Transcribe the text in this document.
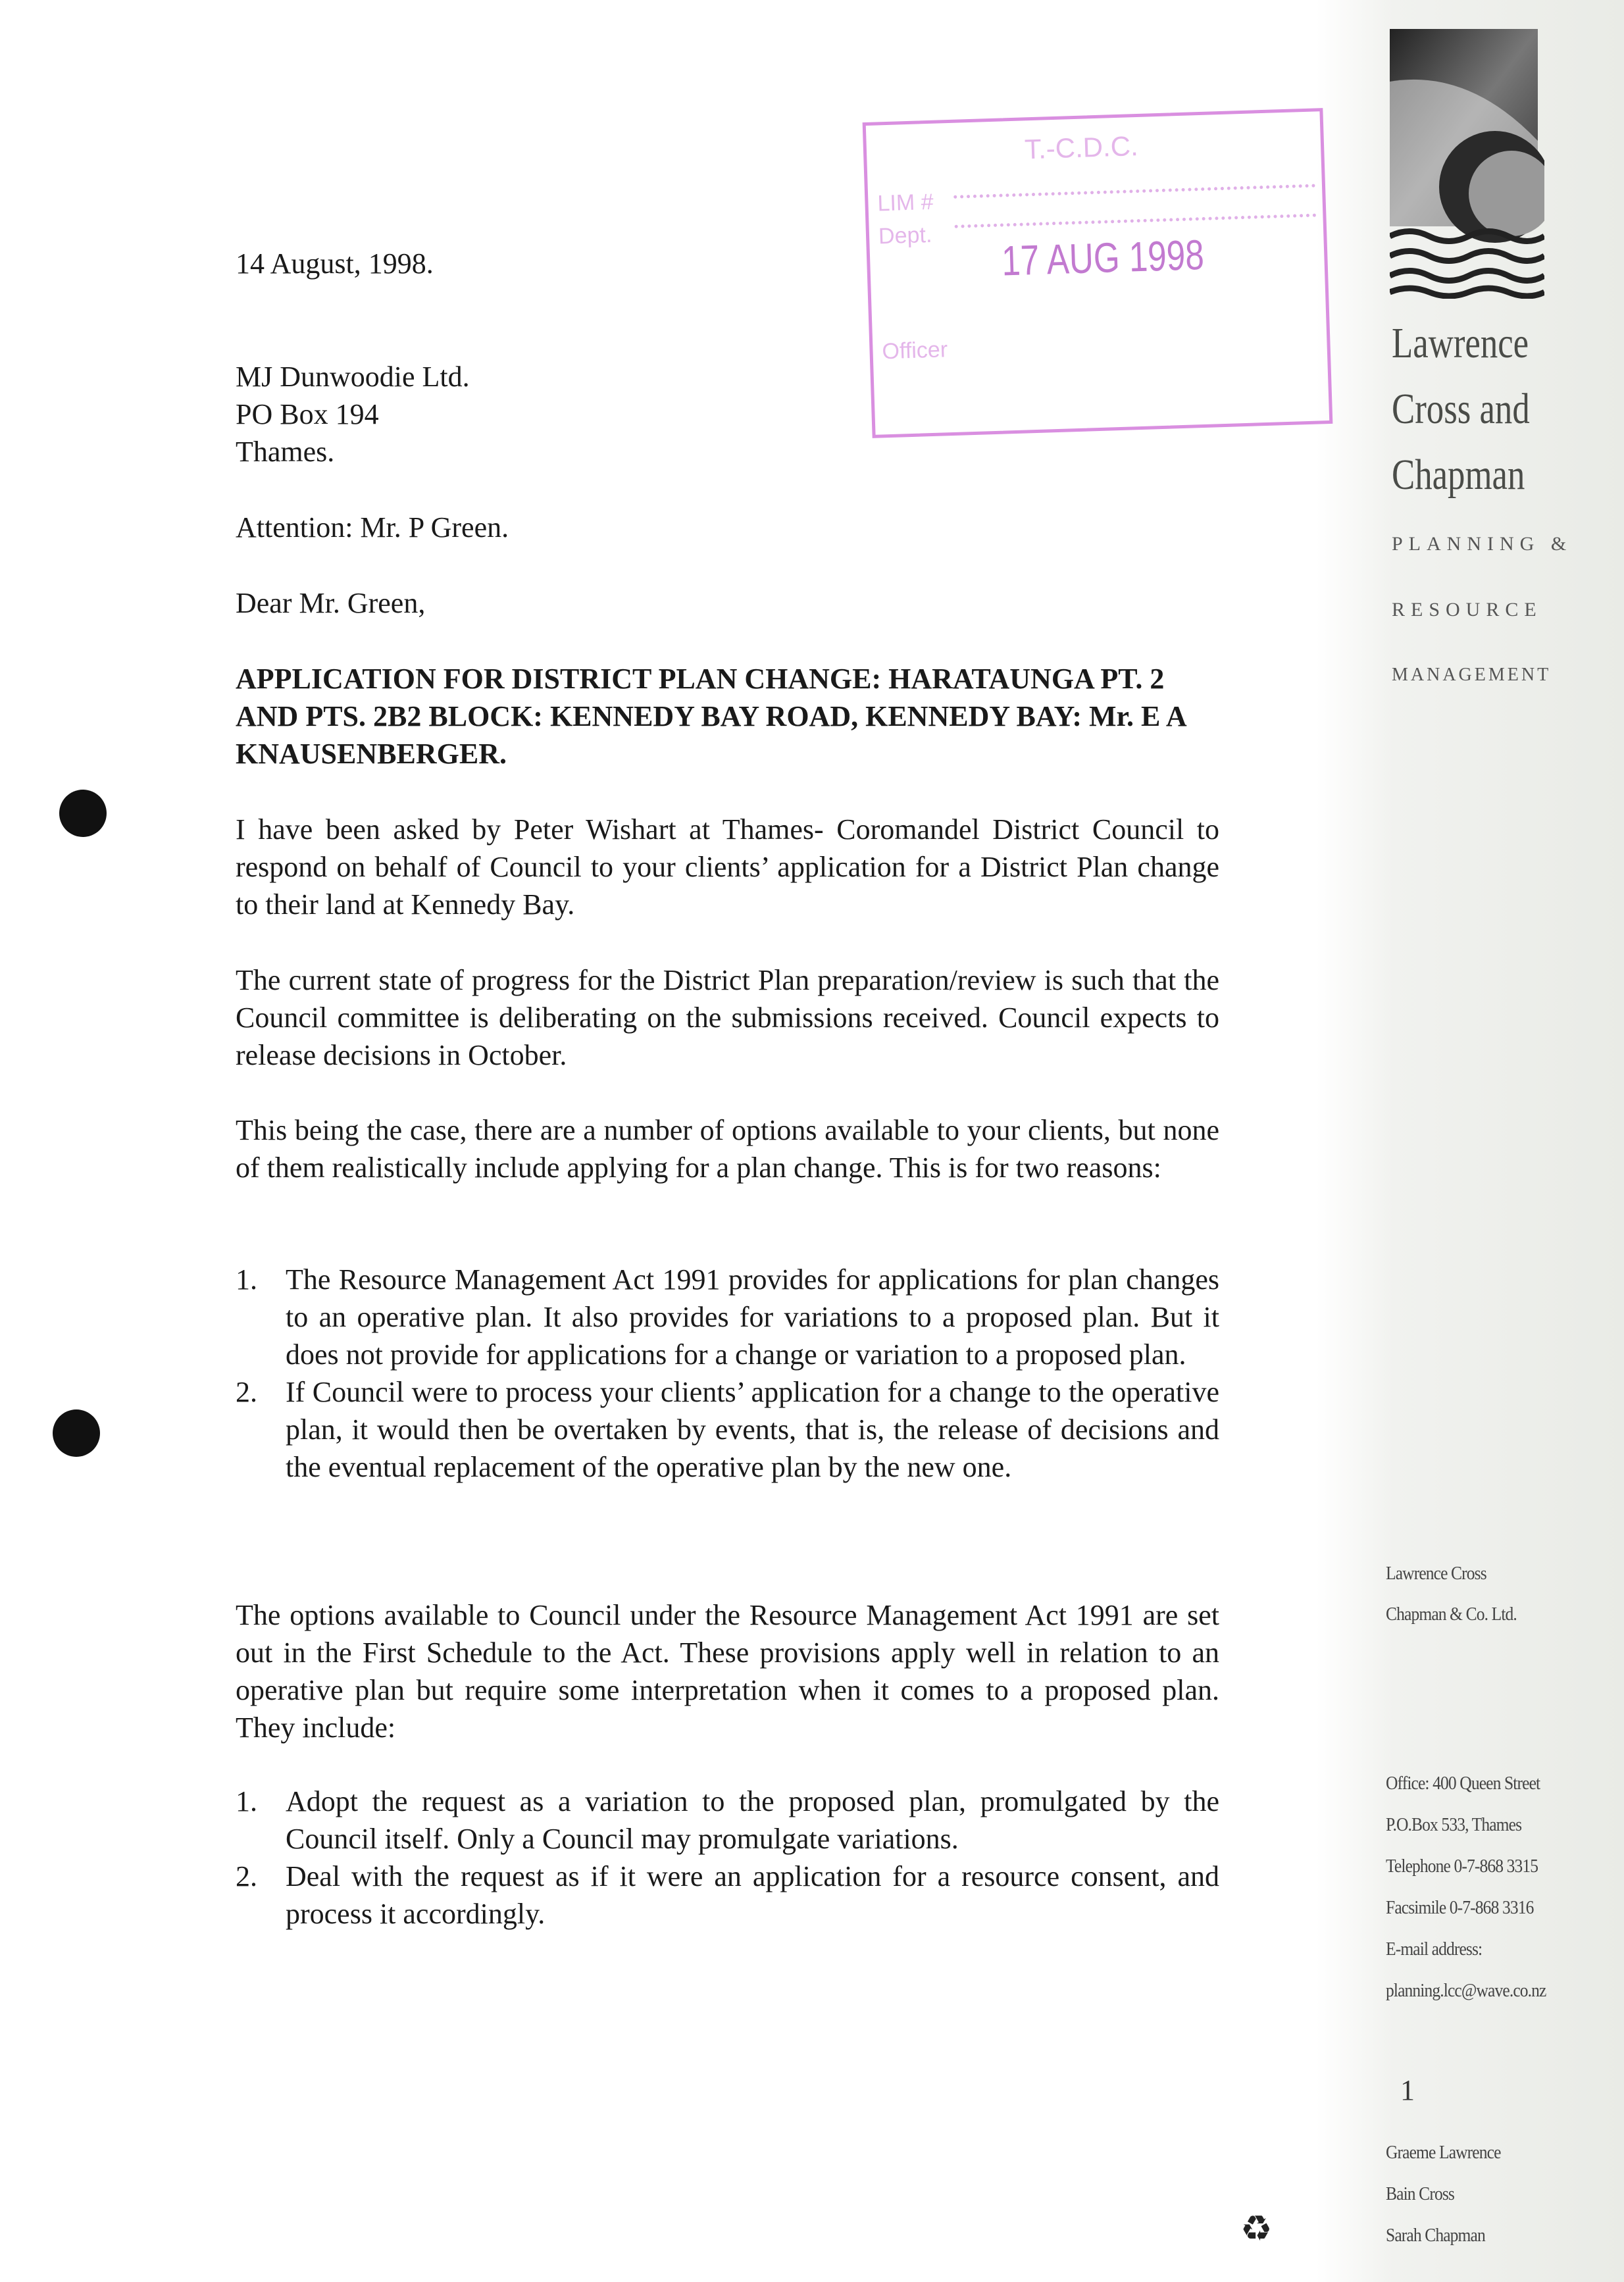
T.-C.D.C.
LIM #
Dept. 17 AUG 1998
Officer
14 August, 1998.
MJ Dunwoodie Ltd.
PO Box 194
Thames.
Attention: Mr. P Green.
Dear Mr. Green,
APPLICATION FOR DISTRICT PLAN CHANGE: HARATAUNGA PT. 2 AND PTS. 2B2 BLOCK: KENNEDY BAY ROAD, KENNEDY BAY: Mr. E A KNAUSENBERGER.
I have been asked by Peter Wishart at Thames- Coromandel District Council to respond on behalf of Council to your clients’ application for a District Plan change to their land at Kennedy Bay.
The current state of progress for the District Plan preparation/review is such that the Council committee is deliberating on the submissions received. Council expects to release decisions in October.
This being the case, there are a number of options available to your clients, but none of them realistically include applying for a plan change. This is for two reasons:
1. The Resource Management Act 1991 provides for applications for plan changes to an operative plan. It also provides for variations to a proposed plan. But it does not provide for applications for a change or variation to a proposed plan.
2. If Council were to process your clients’ application for a change to the operative plan, it would then be overtaken by events, that is, the release of decisions and the eventual replacement of the operative plan by the new one.
The options available to Council under the Resource Management Act 1991 are set out in the First Schedule to the Act. These provisions apply well in relation to an operative plan but require some interpretation when it comes to a proposed plan. They include:
1. Adopt the request as a variation to the proposed plan, promulgated by the Council itself. Only a Council may promulgate variations.
2. Deal with the request as if it were an application for a resource consent, and process it accordingly.
Lawrence
Cross and
Chapman
PLANNING &
RESOURCE
MANAGEMENT
Lawrence Cross
Chapman & Co. Ltd.
Office: 400 Queen Street
P.O.Box 533, Thames
Telephone 0-7-868 3315
Facsimile 0-7-868 3316
E-mail address:
planning.lcc@wave.co.nz
1
Graeme Lawrence
Bain Cross
Sarah Chapman
♻
